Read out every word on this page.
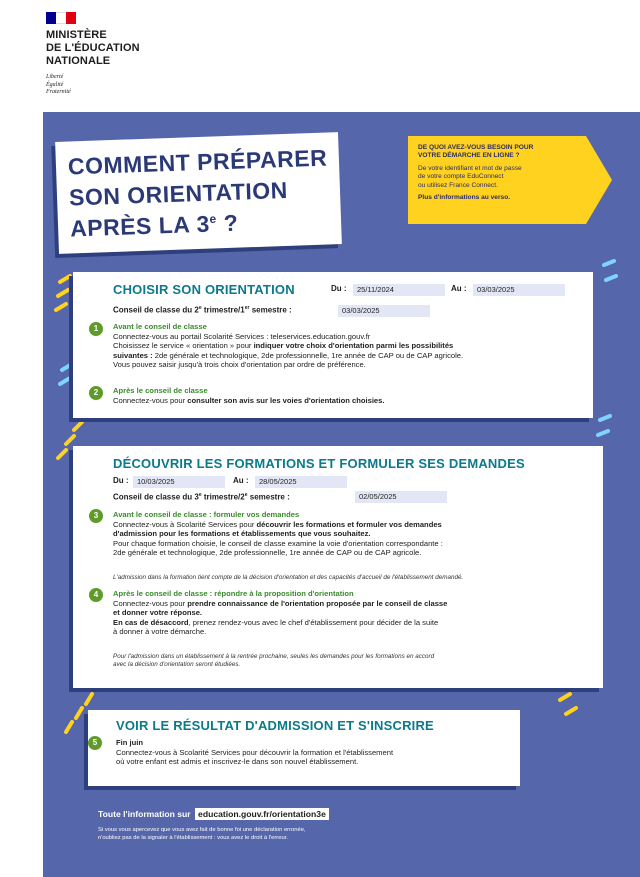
MINISTÈRE
DE L'ÉDUCATION
NATIONALE
Liberté
Égalité
Fraternité
COMMENT PRÉPARER
SON ORIENTATION
APRÈS LA 3e ?
DE QUOI AVEZ-VOUS BESOIN POUR
VOTRE DÉMARCHE EN LIGNE ?
De votre identifiant et mot de passe
de votre compte EduConnect
ou utilisez France Connect.
Plus d'informations au verso.
CHOISIR SON ORIENTATION	Du :	25/11/2024	Au :	03/03/2025
Conseil de classe du 2e trimestre/1er semestre :	03/03/2025
1	Avant le conseil de classe
Connectez-vous au portail Scolarité Services : teleservices.education.gouv.fr
Choisissez le service « orientation » pour indiquer votre choix d'orientation parmi les possibilités
suivantes : 2de générale et technologique, 2de professionnelle, 1re année de CAP ou de CAP agricole.
Vous pouvez saisir jusqu'à trois choix d'orientation par ordre de préférence.
2	Après le conseil de classe
Connectez-vous pour consulter son avis sur les voies d'orientation choisies.
DÉCOUVRIR LES FORMATIONS ET FORMULER SES DEMANDES
Du :	10/03/2025	Au :	28/05/2025
Conseil de classe du 3e trimestre/2e semestre :	02/05/2025
3	Avant le conseil de classe : formuler vos demandes
Connectez-vous à Scolarité Services pour découvrir les formations et formuler vos demandes
d'admission pour les formations et établissements que vous souhaitez.
Pour chaque formation choisie, le conseil de classe examine la voie d'orientation correspondante :
2de générale et technologique, 2de professionnelle, 1re année de CAP ou de CAP agricole.
L'admission dans la formation tient compte de la décision d'orientation et des capacités d'accueil de l'établissement demandé.
4	Après le conseil de classe : répondre à la proposition d'orientation
Connectez-vous pour prendre connaissance de l'orientation proposée par le conseil de classe
et donner votre réponse.
En cas de désaccord, prenez rendez-vous avec le chef d'établissement pour décider de la suite
à donner à votre démarche.
Pour l'admission dans un établissement à la rentrée prochaine, seules les demandes pour les formations en accord
avec la décision d'orientation seront étudiées.
VOIR LE RÉSULTAT D'ADMISSION ET S'INSCRIRE
5	Fin juin
Connectez-vous à Scolarité Services pour découvrir la formation et l'établissement
où votre enfant est admis et inscrivez-le dans son nouvel établissement.
Toute l'information sur education.gouv.fr/orientation3e
Si vous vous apercevez que vous avez fait de bonne foi une déclaration erronée,
n'oubliez pas de la signaler à l'établissement : vous avez le droit à l'erreur.
